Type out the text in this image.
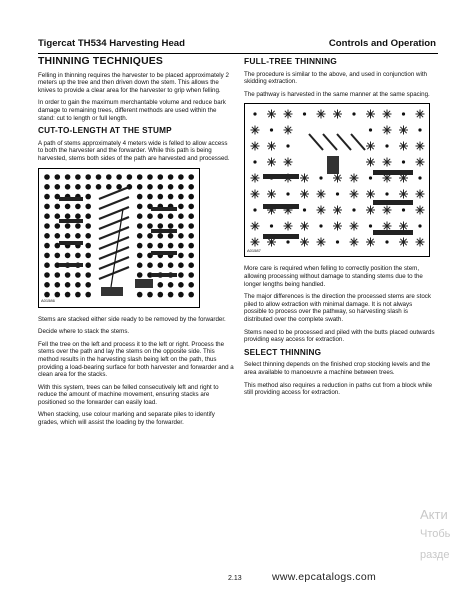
Tigercat TH534 Harvesting Head	Controls and Operation
THINNING TECHNIQUES

Felling in thinning requires the harvester to be placed approximately 2 meters up the tree and then driven down the stem. This allows the knives to provide a clear area for the harvester to grip when felling.

In order to gain the maximum merchantable volume and reduce bark damage to remaining trees, different methods are used within the stand: cut to length or full length.

CUT-TO-LENGTH AT THE STUMP

A path of stems approximately 4 meters wide is felled to allow access to both the harvester and the forwarder. While this path is being harvested, stems both sides of the path are harvested and processed.

A01586

Stems are stacked either side ready to be removed by the forwarder.

Decide where to stack the stems.

Fell the tree on the left and process it to the left or right. Process the stems over the path and lay the stems on the opposite side. This method results in the harvesting slash being left on the path, thus providing a load-bearing surface for both harvester and forwarder and a clean area for the stacks.

With this system, trees can be felled consecutively left and right to reduce the amount of machine movement, ensuring stacks are positioned so the forwarder can easily load.

When stacking, use colour marking and separate piles to identify grades, which will assist the loading by the forwarder.

FULL-TREE THINNING

The procedure is similar to the above, and used in conjunction with skidding extraction.

The pathway is harvested in the same manner at the same spacing.

A01587

More care is required when felling to correctly position the stem, allowing processing without damage to standing stems due to the longer lengths being handled.

The major differences is the direction the processed stems are stock piled to allow extraction with minimal damage. It is not always possible to process over the pathway, so harvesting slash is distributed over the complete swath.

Stems need to be processed and piled with the butts placed outwards providing easy access for extraction.

SELECT THINNING

Select thinning depends on the finished crop stocking levels and the area available to manoeuvre a machine between trees.

This method also requires a reduction in paths cut from a block while still providing access for extraction.

2.13	www.epcatalogs.com
Акти
Чтобь
разде
